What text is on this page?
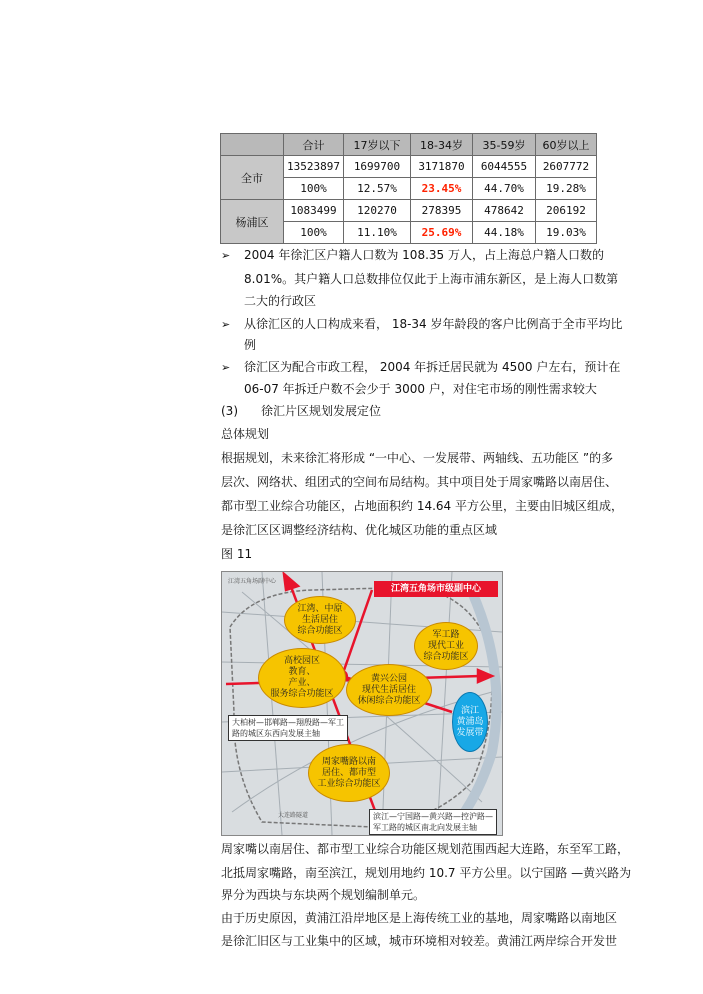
	合计	17岁以下	18-34岁	35-59岁	60岁以上
全市	13523897	1699700	3171870	6044555	2607772
	100%	12.57%	23.45%	44.70%	19.28%
杨浦区	1083499	120270	278395	478642	206192
	100%	11.10%	25.69%	44.18%	19.03%
➢ 2004 年徐汇区户籍人口数为 108.35 万人，占上海总户籍人口数的
8.01%。其户籍人口总数排位仅此于上海市浦东新区，是上海人口数第
二大的行政区
➢ 从徐汇区的人口构成来看， 18-34 岁年龄段的客户比例高于全市平均比
例
➢ 徐汇区为配合市政工程， 2004 年拆迁居民就为 4500 户左右，预计在
06-07 年拆迁户数不会少于 3000 户，对住宅市场的刚性需求较大
(3) 徐汇片区规划发展定位
总体规划
根据规划，未来徐汇将形成 “一中心、一发展带、两轴线、五功能区 ”的多
层次、网络状、组团式的空间布局结构。其中项目处于周家嘴路以南居住、
都市型工业综合功能区，占地面积约 14.64 平方公里，主要由旧城区组成，
是徐汇区区调整经济结构、优化城区功能的重点区域
图 11
江湾五角场副中心
江湾五角场市级副中心
江湾、中原
生活居住
综合功能区	军工路
现代工业
综合功能区
高校园区
教育、
产业、
服务综合功能区
黄兴公园
现代生活居住
休闲综合功能区
滨江
黄浦岛
发展带
周家嘴路以南
居住、都市型
工业综合功能区
大柏树—邯郸路—翔殷路—军工
路的城区东西向发展主轴
滨江—宁国路—黄兴路—控沪路—
军工路的城区南北向发展主轴
大连路隧道
周家嘴以南居住、都市型工业综合功能区规划范围西起大连路，东至军工路，
北抵周家嘴路，南至滨江，规划用地约 10.7 平方公里。以宁国路 —黄兴路为
界分为西块与东块两个规划编制单元。
由于历史原因，黄浦江沿岸地区是上海传统工业的基地，周家嘴路以南地区
是徐汇旧区与工业集中的区域，城市环境相对较差。黄浦江两岸综合开发世
